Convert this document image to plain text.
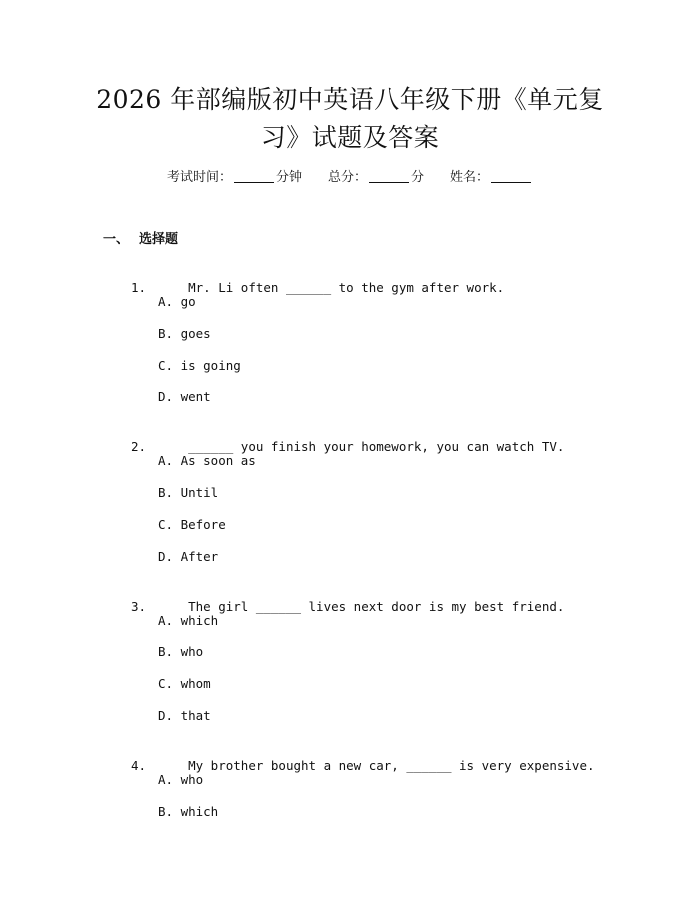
2026 年部编版初中英语八年级下册《单元复
习》试题及答案
考试时间：	分钟 总分：	分 姓名：
一、 选择题

1.	Mr. Li often ______ to the gym after work.

A. go
B. goes
C. is going
D. went

2.	______ you finish your homework, you can watch TV.

A. As soon as
B. Until
C. Before
D. After

3.	The girl ______ lives next door is my best friend.

A. which
B. who
C. whom
D. that

4.	My brother bought a new car, ______ is very expensive.

A. who
B. which
